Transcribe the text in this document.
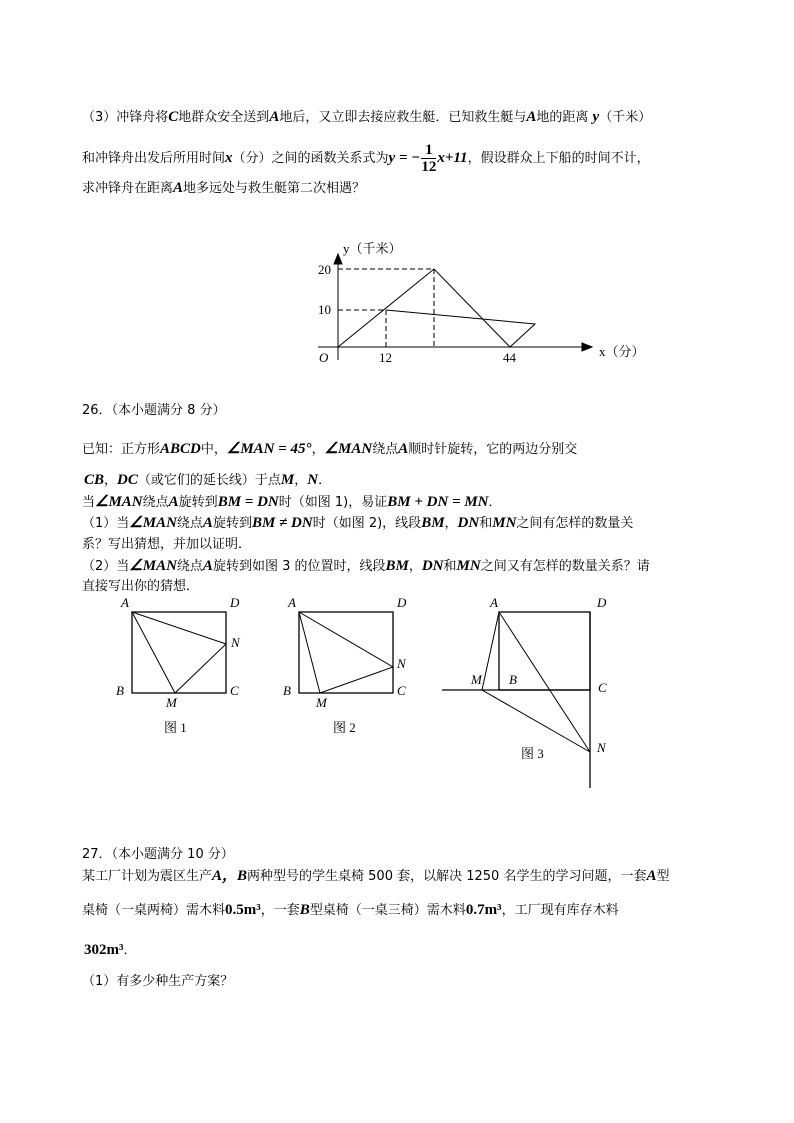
（3）冲锋舟将C地群众安全送到A地后，又立即去接应救生艇．已知救生艇与A地的距离 y（千米）
和冲锋舟出发后所用时间x（分）之间的函数关系式为y = − $\frac{1}{12} x+11$，假设群众上下船的时间不计，
求冲锋舟在距离A地多远处与救生艇第二次相遇？
y（千米）
x（分）
O
20
10
12	44
A	D
N
B	C
M
图 1
A	D
N
B	C
M
图 2
A	D
M B
C
N
图 3
26．（本小题满分 8 分）
已知：正方形ABCD中，∠MAN = 45°，∠MAN绕点A顺时针旋转，它的两边分别交
CB，DC（或它们的延长线）于点M，N．
当∠MAN绕点A旋转到BM = DN时（如图 1)，易证BM + DN = MN．
（1）当∠MAN绕点A旋转到BM ≠ DN时（如图 2)，线段BM，DN和MN之间有怎样的数量关
系？写出猜想，并加以证明．
（2）当∠MAN绕点A旋转到如图 3 的位置时，线段BM，DN和MN之间又有怎样的数量关系？请
直接写出你的猜想．
27．（本小题满分 10 分）
某工厂计划为震区生产A，B两种型号的学生桌椅 500 套，以解决 1250 名学生的学习问题，一套A型
桌椅（一桌两椅）需木料0.5m³，一套B型桌椅（一桌三椅）需木料0.7m³，工厂现有库存木料
302m³．
（1）有多少种生产方案？
